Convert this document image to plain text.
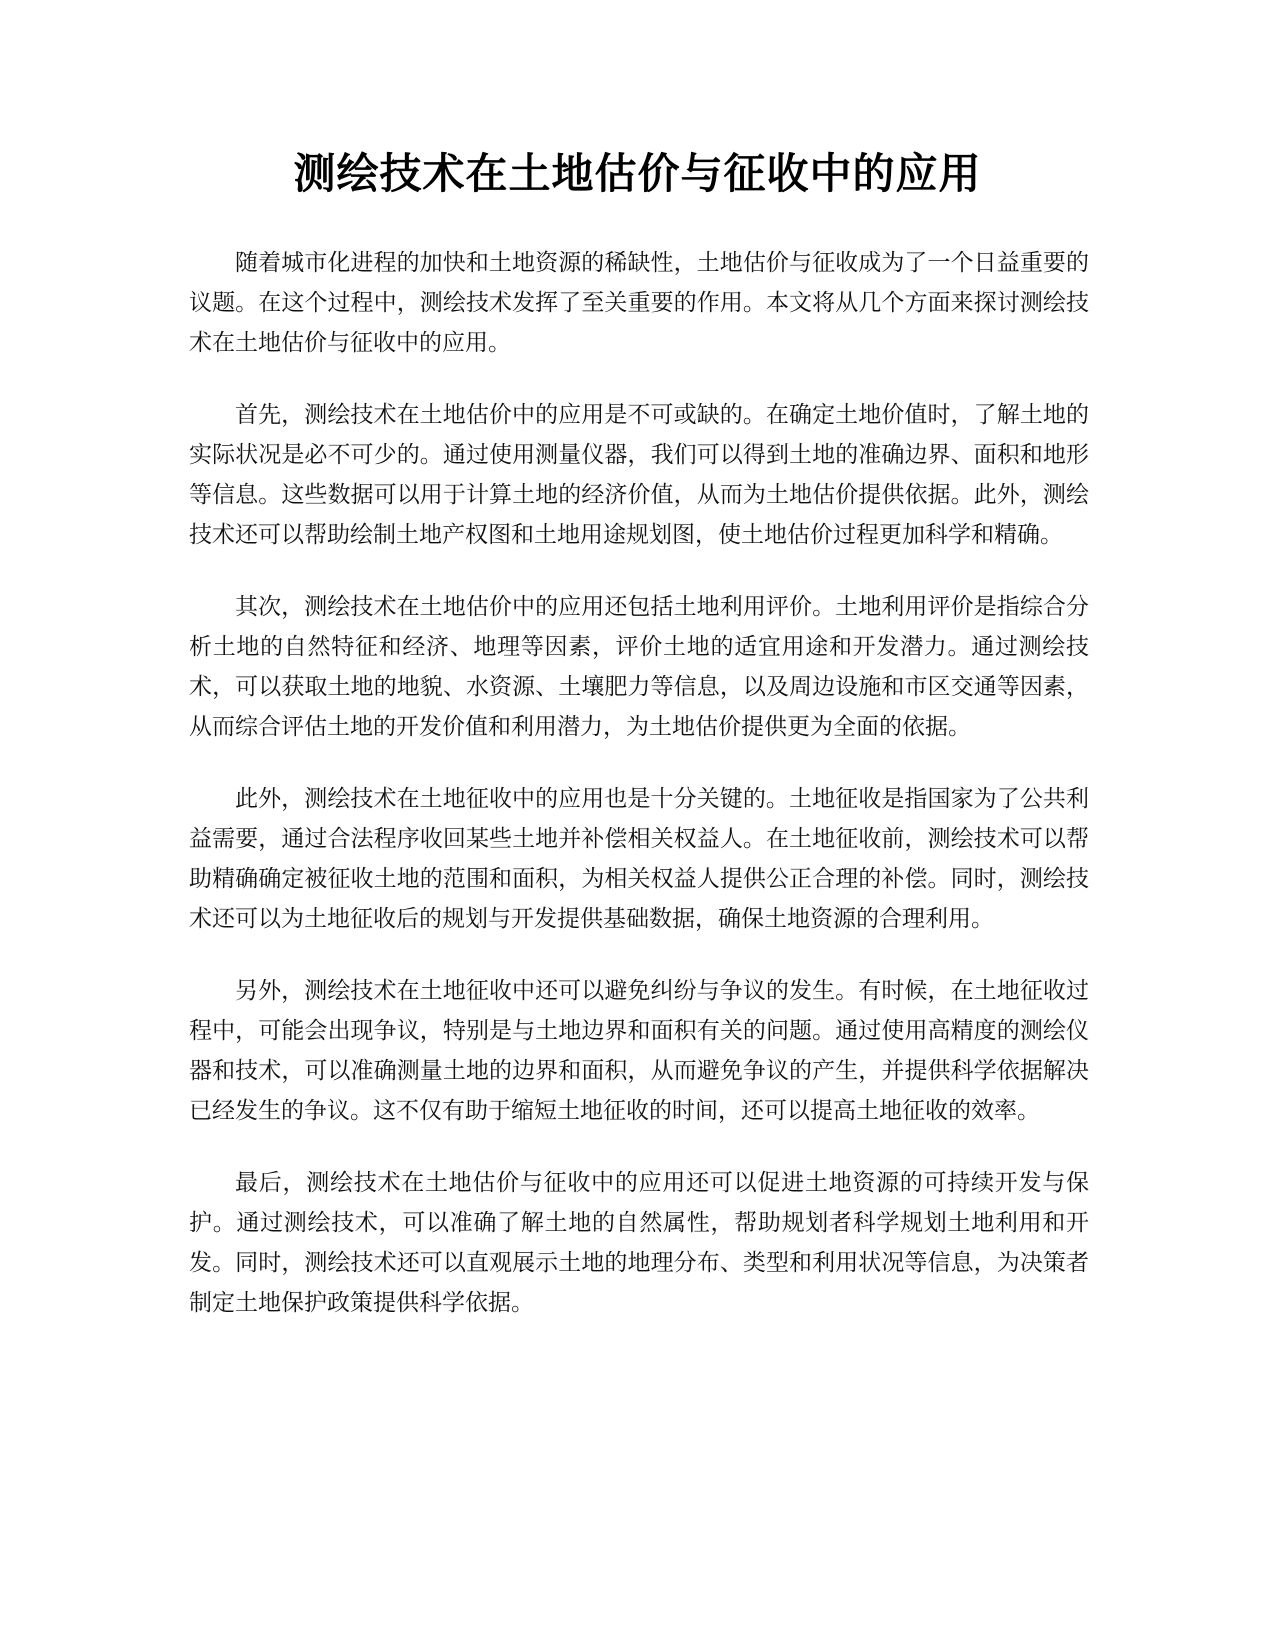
测绘技术在土地估价与征收中的应用

随着城市化进程的加快和土地资源的稀缺性，土地估价与征收成为了一个日益重要的议题。在这个过程中，测绘技术发挥了至关重要的作用。本文将从几个方面来探讨测绘技术在土地估价与征收中的应用。

首先，测绘技术在土地估价中的应用是不可或缺的。在确定土地价值时，了解土地的实际状况是必不可少的。通过使用测量仪器，我们可以得到土地的准确边界、面积和地形等信息。这些数据可以用于计算土地的经济价值，从而为土地估价提供依据。此外，测绘技术还可以帮助绘制土地产权图和土地用途规划图，使土地估价过程更加科学和精确。

其次，测绘技术在土地估价中的应用还包括土地利用评价。土地利用评价是指综合分析土地的自然特征和经济、地理等因素，评价土地的适宜用途和开发潜力。通过测绘技术，可以获取土地的地貌、水资源、土壤肥力等信息，以及周边设施和市区交通等因素，从而综合评估土地的开发价值和利用潜力，为土地估价提供更为全面的依据。

此外，测绘技术在土地征收中的应用也是十分关键的。土地征收是指国家为了公共利益需要，通过合法程序收回某些土地并补偿相关权益人。在土地征收前，测绘技术可以帮助精确确定被征收土地的范围和面积，为相关权益人提供公正合理的补偿。同时，测绘技术还可以为土地征收后的规划与开发提供基础数据，确保土地资源的合理利用。

另外，测绘技术在土地征收中还可以避免纠纷与争议的发生。有时候，在土地征收过程中，可能会出现争议，特别是与土地边界和面积有关的问题。通过使用高精度的测绘仪器和技术，可以准确测量土地的边界和面积，从而避免争议的产生，并提供科学依据解决已经发生的争议。这不仅有助于缩短土地征收的时间，还可以提高土地征收的效率。

最后，测绘技术在土地估价与征收中的应用还可以促进土地资源的可持续开发与保护。通过测绘技术，可以准确了解土地的自然属性，帮助规划者科学规划土地利用和开发。同时，测绘技术还可以直观展示土地的地理分布、类型和利用状况等信息，为决策者制定土地保护政策提供科学依据。
